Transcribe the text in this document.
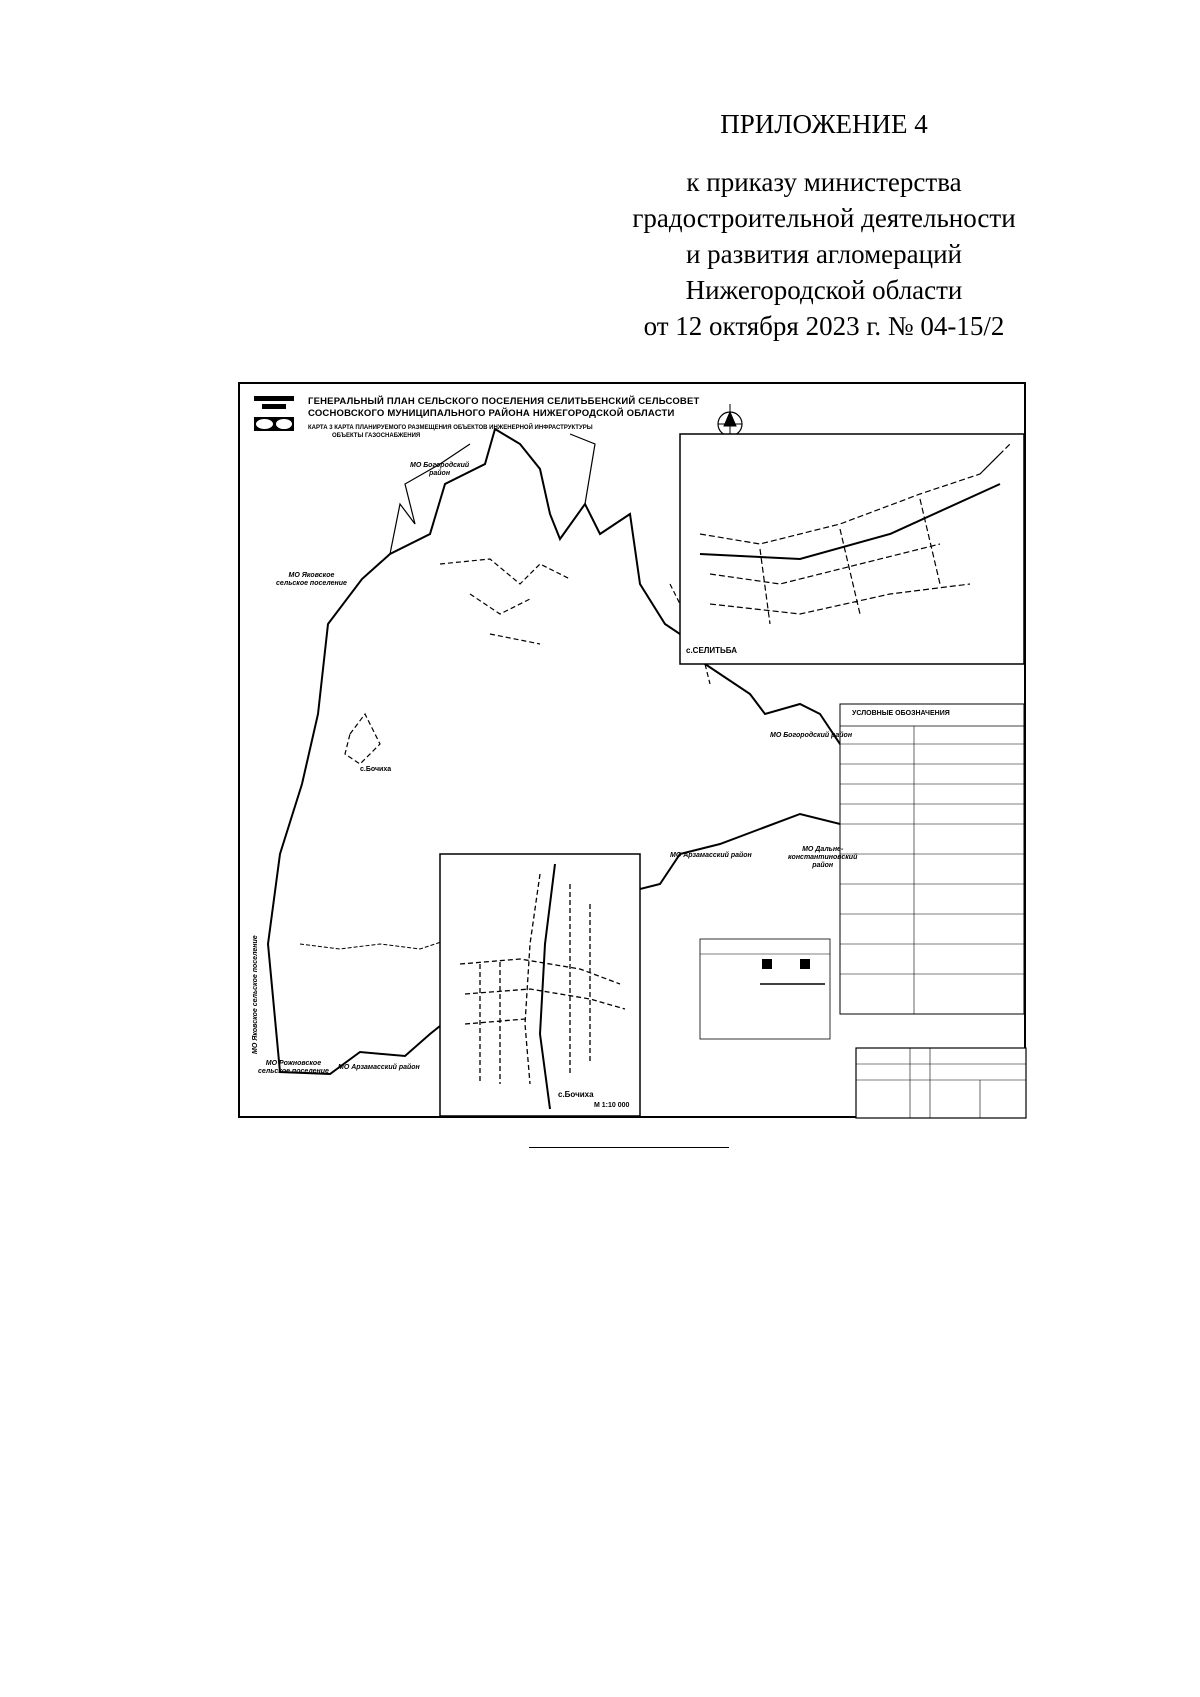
ПРИЛОЖЕНИЕ 4
к приказу министерства
градостроительной деятельности
и развития агломераций
Нижегородской области
от 12 октября 2023 г. № 04-15/2
ГЕНЕРАЛЬНЫЙ ПЛАН СЕЛЬСКОГО ПОСЕЛЕНИЯ СЕЛИТЬБЕНСКИЙ СЕЛЬСОВЕТ
СОСНОВСКОГО МУНИЦИПАЛЬНОГО РАЙОНА НИЖЕГОРОДСКОЙ ОБЛАСТИ
КАРТА 3 КАРТА ПЛАНИРУЕМОГО РАЗМЕЩЕНИЯ ОБЪЕКТОВ ИНЖЕНЕРНОЙ ИНФРАСТРУКТУРЫ
ОБЪЕКТЫ ГАЗОСНАБЖЕНИЯ
МО Богородский
район
МО Яковское
сельское поселение
МО Богородский район
МО Арзамасский район
МО Дальне-
константиновский
район
МО Яковское сельское поселение
МО Рожновское
сельское поселение
МО Арзамасский район
с.СЕЛИТЬБА
с.Бочиха
с.Бочиха
УСЛОВНЫЕ ОБОЗНАЧЕНИЯ
М 1:10 000
